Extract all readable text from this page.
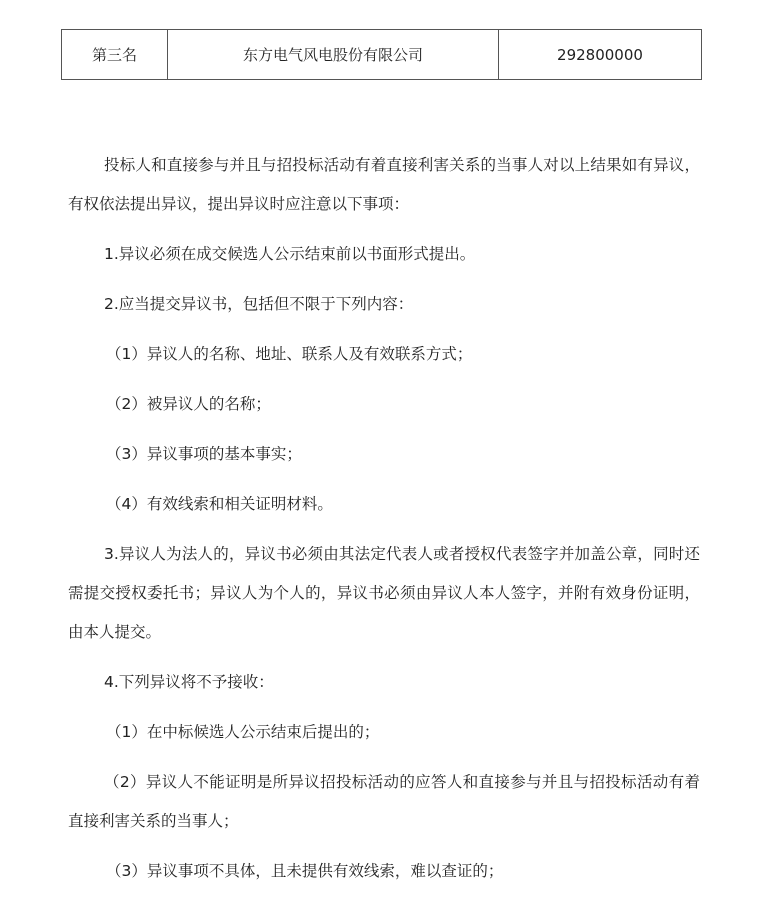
第三名	东方电气风电股份有限公司	292800000

投标人和直接参与并且与招投标活动有着直接利害关系的当事人对以上结果如有异议，有权依法提出异议，提出异议时应注意以下事项：

1.异议必须在成交候选人公示结束前以书面形式提出。

2.应当提交异议书，包括但不限于下列内容：

（1）异议人的名称、地址、联系人及有效联系方式；

（2）被异议人的名称；

（3）异议事项的基本事实；

（4）有效线索和相关证明材料。

3.异议人为法人的，异议书必须由其法定代表人或者授权代表签字并加盖公章，同时还需提交授权委托书；异议人为个人的，异议书必须由异议人本人签字，并附有效身份证明，由本人提交。

4.下列异议将不予接收：

（1）在中标候选人公示结束后提出的；

（2）异议人不能证明是所异议招投标活动的应答人和直接参与并且与招投标活动有着直接利害关系的当事人；

（3）异议事项不具体，且未提供有效线索，难以查证的；
